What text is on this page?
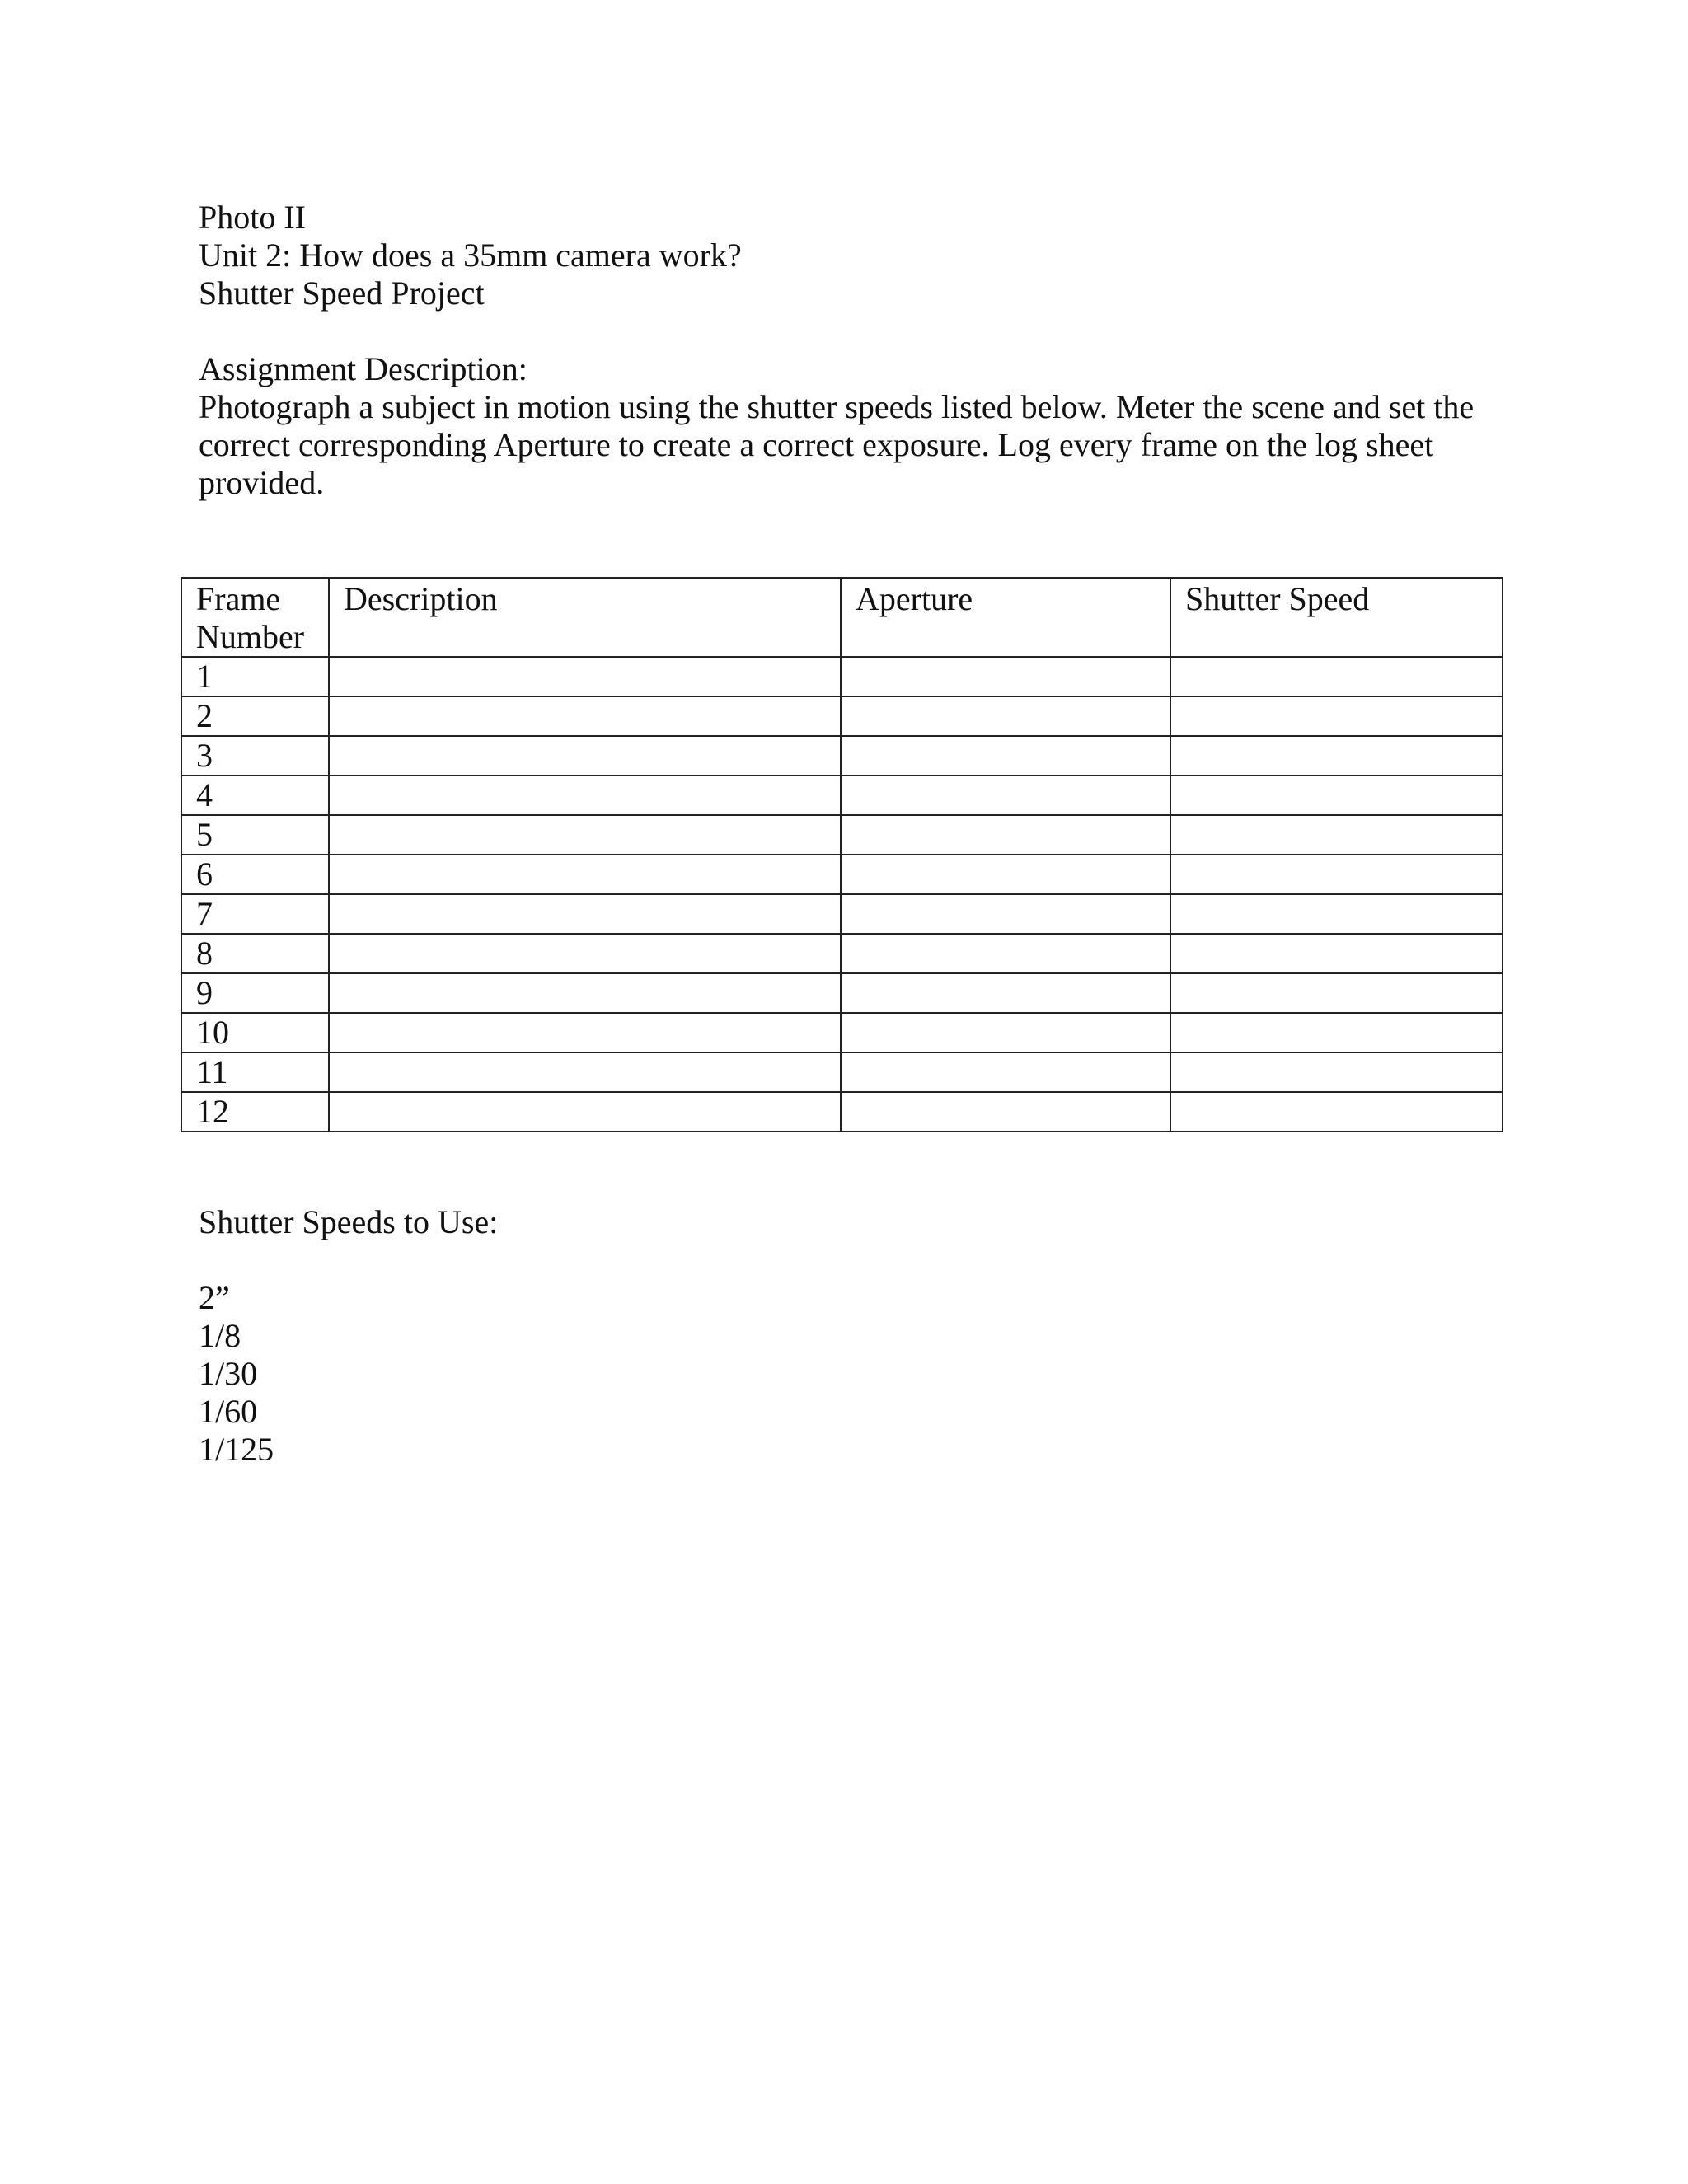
Photo II
Unit 2: How does a 35mm camera work?
Shutter Speed Project
Assignment Description:
Photograph a subject in motion using the shutter speeds listed below. Meter the scene and set the correct corresponding Aperture to create a correct exposure. Log every frame on the log sheet provided.
Frame Number	Description	Aperture	Shutter Speed
1			
2			
3			
4			
5			
6			
7			
8			
9			
10			
11			
12			
Shutter Speeds to Use:
2”
1/8
1/30
1/60
1/125
